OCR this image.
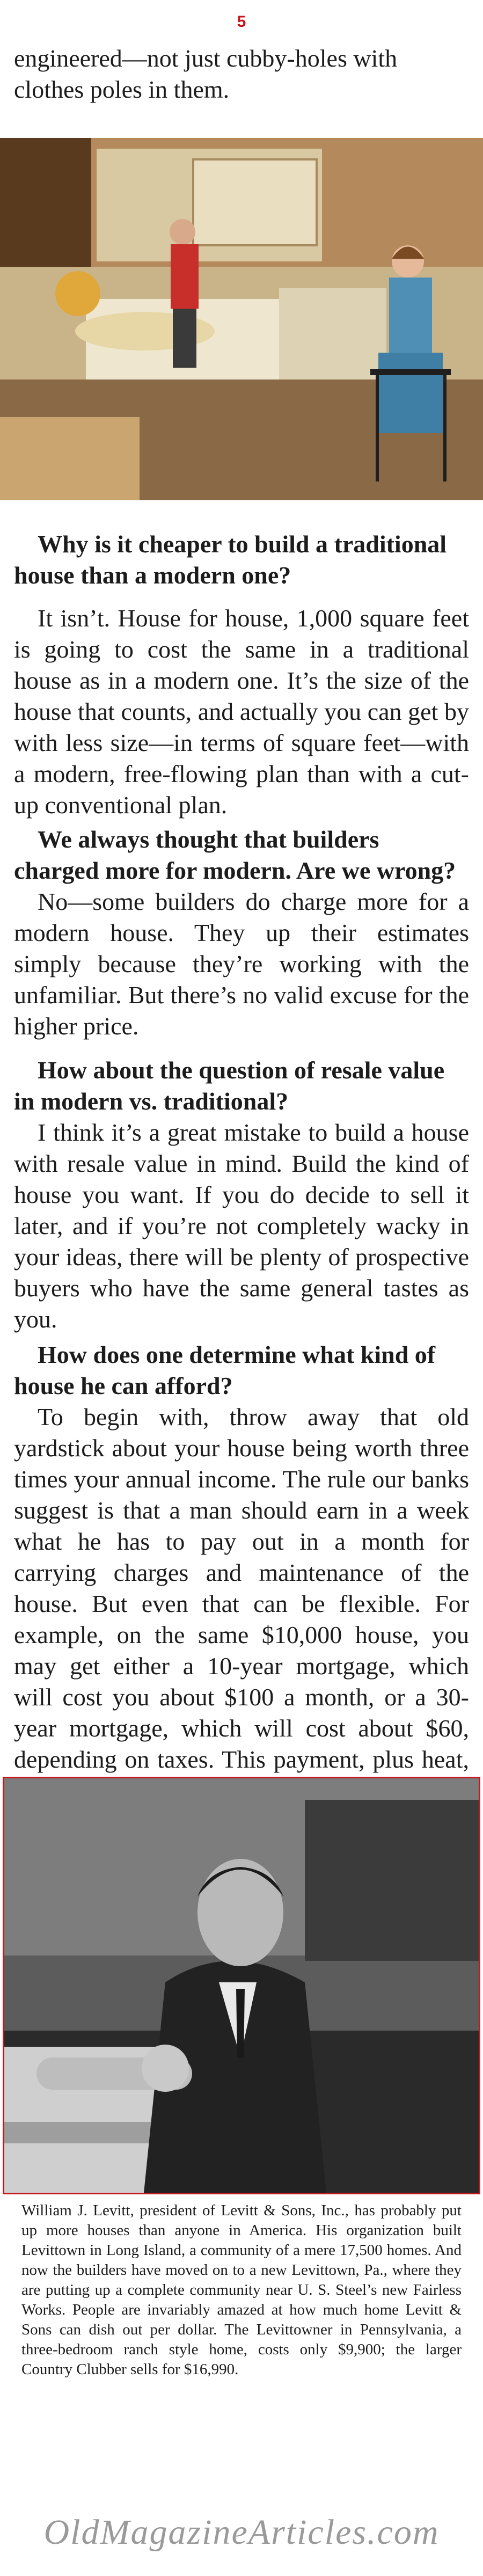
5

engineered—not just cubby-holes with clothes poles in them.

Why is it cheaper to build a traditional house than a modern one?

It isn’t. House for house, 1,000 square feet is going to cost the same in a traditional house as in a modern one. It’s the size of the house that counts, and actually you can get by with less size—in terms of square feet—with a modern, free-flowing plan than with a cut-up conventional plan.

We always thought that builders charged more for modern. Are we wrong?

No—some builders do charge more for a modern house. They up their estimates simply because they’re working with the unfamiliar. But there’s no valid excuse for the higher price.

How about the question of resale value in modern vs. traditional?

I think it’s a great mistake to build a house with resale value in mind. Build the kind of house you want. If you do decide to sell it later, and if you’re not completely wacky in your ideas, there will be plenty of prospective buyers who have the same general tastes as you.

How does one determine what kind of house he can afford?

To begin with, throw away that old yardstick about your house being worth three times your annual income. The rule our banks suggest is that a man should earn in a week what he has to pay out in a month for carrying charges and maintenance of the house. But even that can be flexible. For example, on the same $10,000 house, you may get either a 10-year mortgage, which will cost you about $100 a month, or a 30-year mortgage, which will cost about $60, depending on taxes. This payment, plus heat,

William J. Levitt, president of Levitt & Sons, Inc., has probably put up more houses than anyone in America. His organization built Levittown in Long Island, a community of a mere 17,500 homes. And now the builders have moved on to a new Levittown, Pa., where they are putting up a complete community near U. S. Steel’s new Fairless Works. People are invariably amazed at how much home Levitt & Sons can dish out per dollar. The Levittowner in Pennsylvania, a three-bedroom ranch style home, costs only $9,900; the larger Country Clubber sells for $16,990.

OldMagazineArticles.com
